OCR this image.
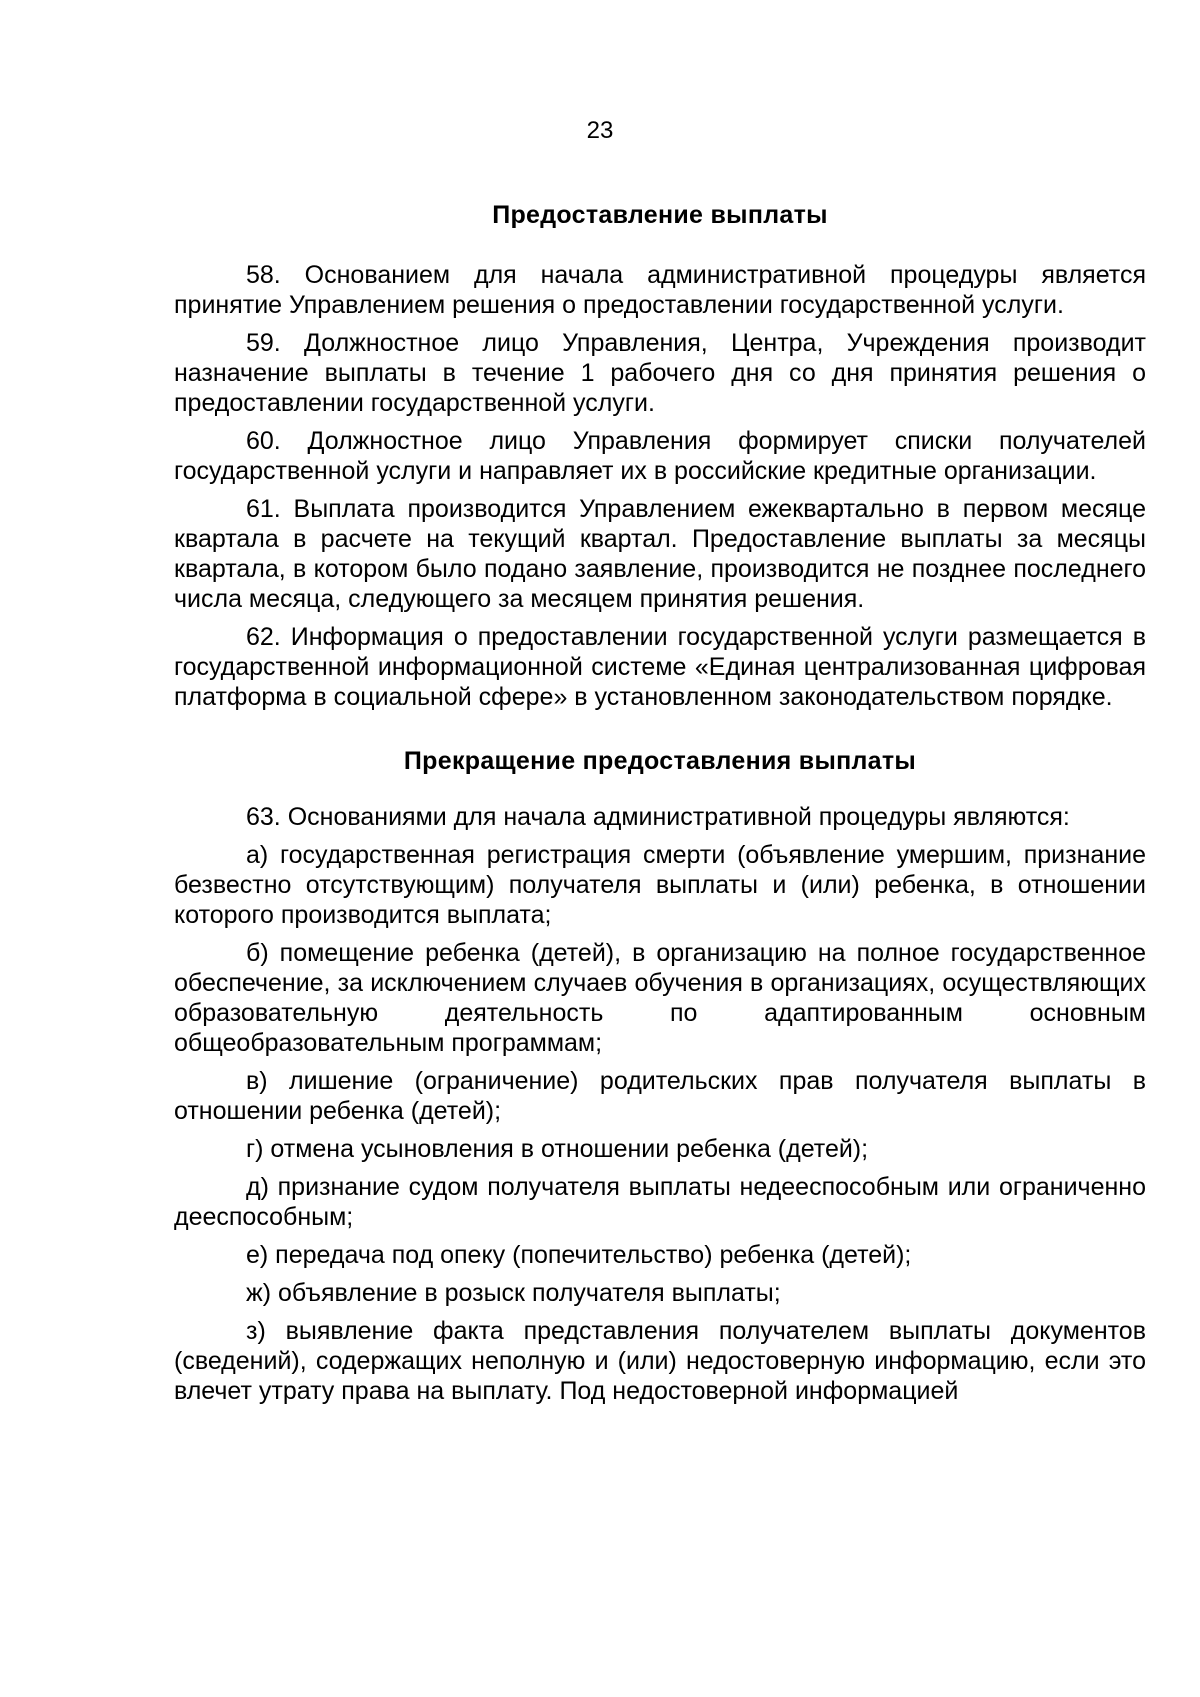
23
Предоставление выплаты

58. Основанием для начала административной процедуры является принятие Управлением решения о предоставлении государственной услуги.

59. Должностное лицо Управления, Центра, Учреждения производит назначение выплаты в течение 1 рабочего дня со дня принятия решения о предоставлении государственной услуги.

60. Должностное лицо Управления формирует списки получателей государственной услуги и направляет их в российские кредитные организации.

61. Выплата производится Управлением ежеквартально в первом месяце квартала в расчете на текущий квартал. Предоставление выплаты за месяцы квартала, в котором было подано заявление, производится не позднее последнего числа месяца, следующего за месяцем принятия решения.

62. Информация о предоставлении государственной услуги размещается в государственной информационной системе «Единая централизованная цифровая платформа в социальной сфере» в установленном законодательством порядке.

Прекращение предоставления выплаты

63. Основаниями для начала административной процедуры являются:

а) государственная регистрация смерти (объявление умершим, признание безвестно отсутствующим) получателя выплаты и (или) ребенка, в отношении которого производится выплата;

б) помещение ребенка (детей), в организацию на полное государственное обеспечение, за исключением случаев обучения в организациях, осуществляющих образовательную деятельность по адаптированным основным общеобразовательным программам;

в) лишение (ограничение) родительских прав получателя выплаты в отношении ребенка (детей);

г) отмена усыновления в отношении ребенка (детей);

д) признание судом получателя выплаты недееспособным или ограниченно дееспособным;

е) передача под опеку (попечительство) ребенка (детей);

ж) объявление в розыск получателя выплаты;

з) выявление факта представления получателем выплаты документов (сведений), содержащих неполную и (или) недостоверную информацию, если это влечет утрату права на выплату. Под недостоверной информацией
